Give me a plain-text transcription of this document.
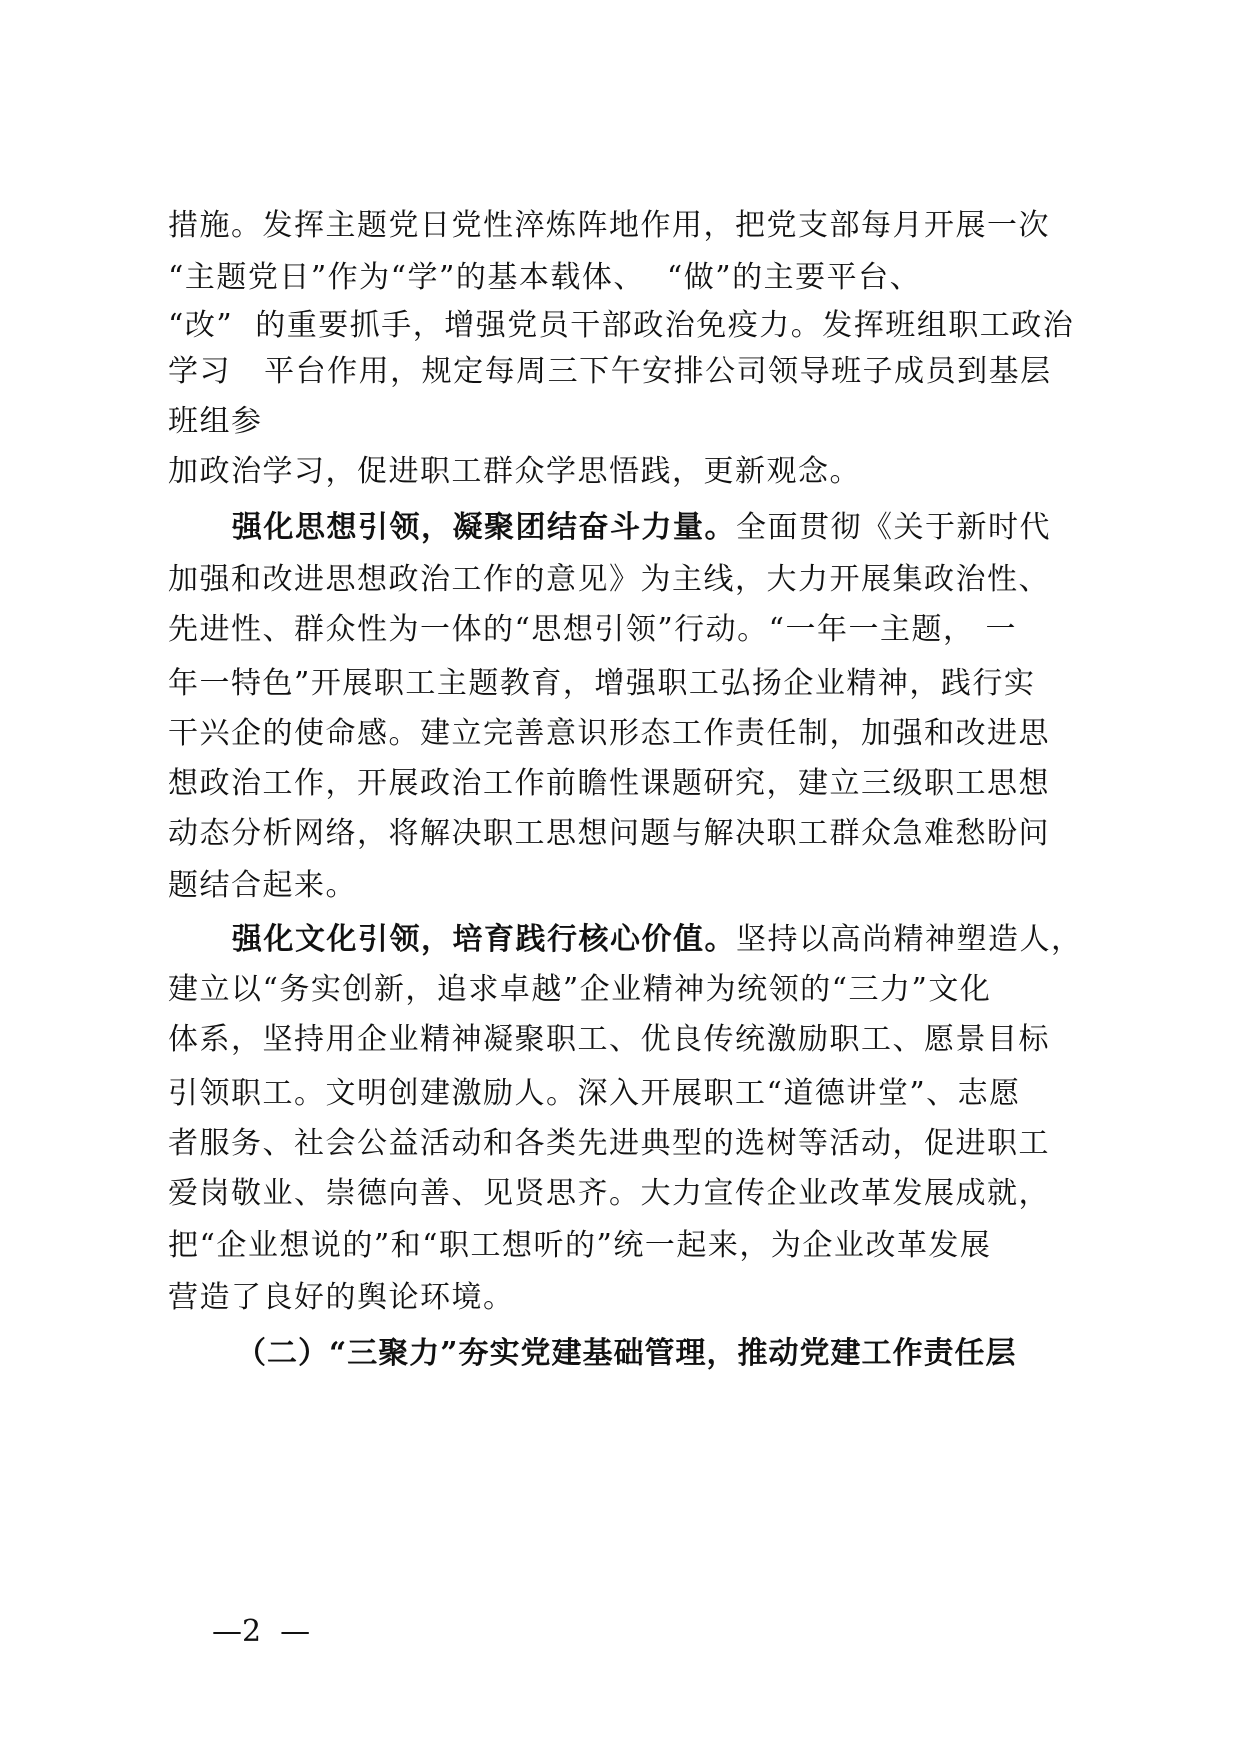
措施。发挥主题党日党性淬炼阵地作用，把党支部每月开展一次
“主题党日”作为“学”的基本载体、  “做”的主要平台、
“改”  的重要抓手，增强党员干部政治免疫力。发挥班组职工政治
学习   平台作用，规定每周三下午安排公司领导班子成员到基层
班组参
加政治学习，促进职工群众学思悟践，更新观念。
强化思想引领，凝聚团结奋斗力量。全面贯彻《关于新时代
加强和改进思想政治工作的意见》为主线，大力开展集政治性、
先进性、群众性为一体的“思想引领”行动。“一年一主题， 一
年一特色”开展职工主题教育，增强职工弘扬企业精神，践行实
干兴企的使命感。建立完善意识形态工作责任制，加强和改进思
想政治工作，开展政治工作前瞻性课题研究，建立三级职工思想
动态分析网络，将解决职工思想问题与解决职工群众急难愁盼问
题结合起来。
强化文化引领，培育践行核心价值。坚持以高尚精神塑造人，
建立以“务实创新，追求卓越”企业精神为统领的“三力”文化
体系，坚持用企业精神凝聚职工、优良传统激励职工、愿景目标
引领职工。文明创建激励人。深入开展职工“道德讲堂”、志愿
者服务、社会公益活动和各类先进典型的选树等活动，促进职工
爱岗敬业、崇德向善、见贤思齐。大力宣传企业改革发展成就，
把“企业想说的”和“职工想听的”统一起来，为企业改革发展
营造了良好的舆论环境。
（二）“三聚力”夯实党建基础管理，推动党建工作责任层
—2  —
